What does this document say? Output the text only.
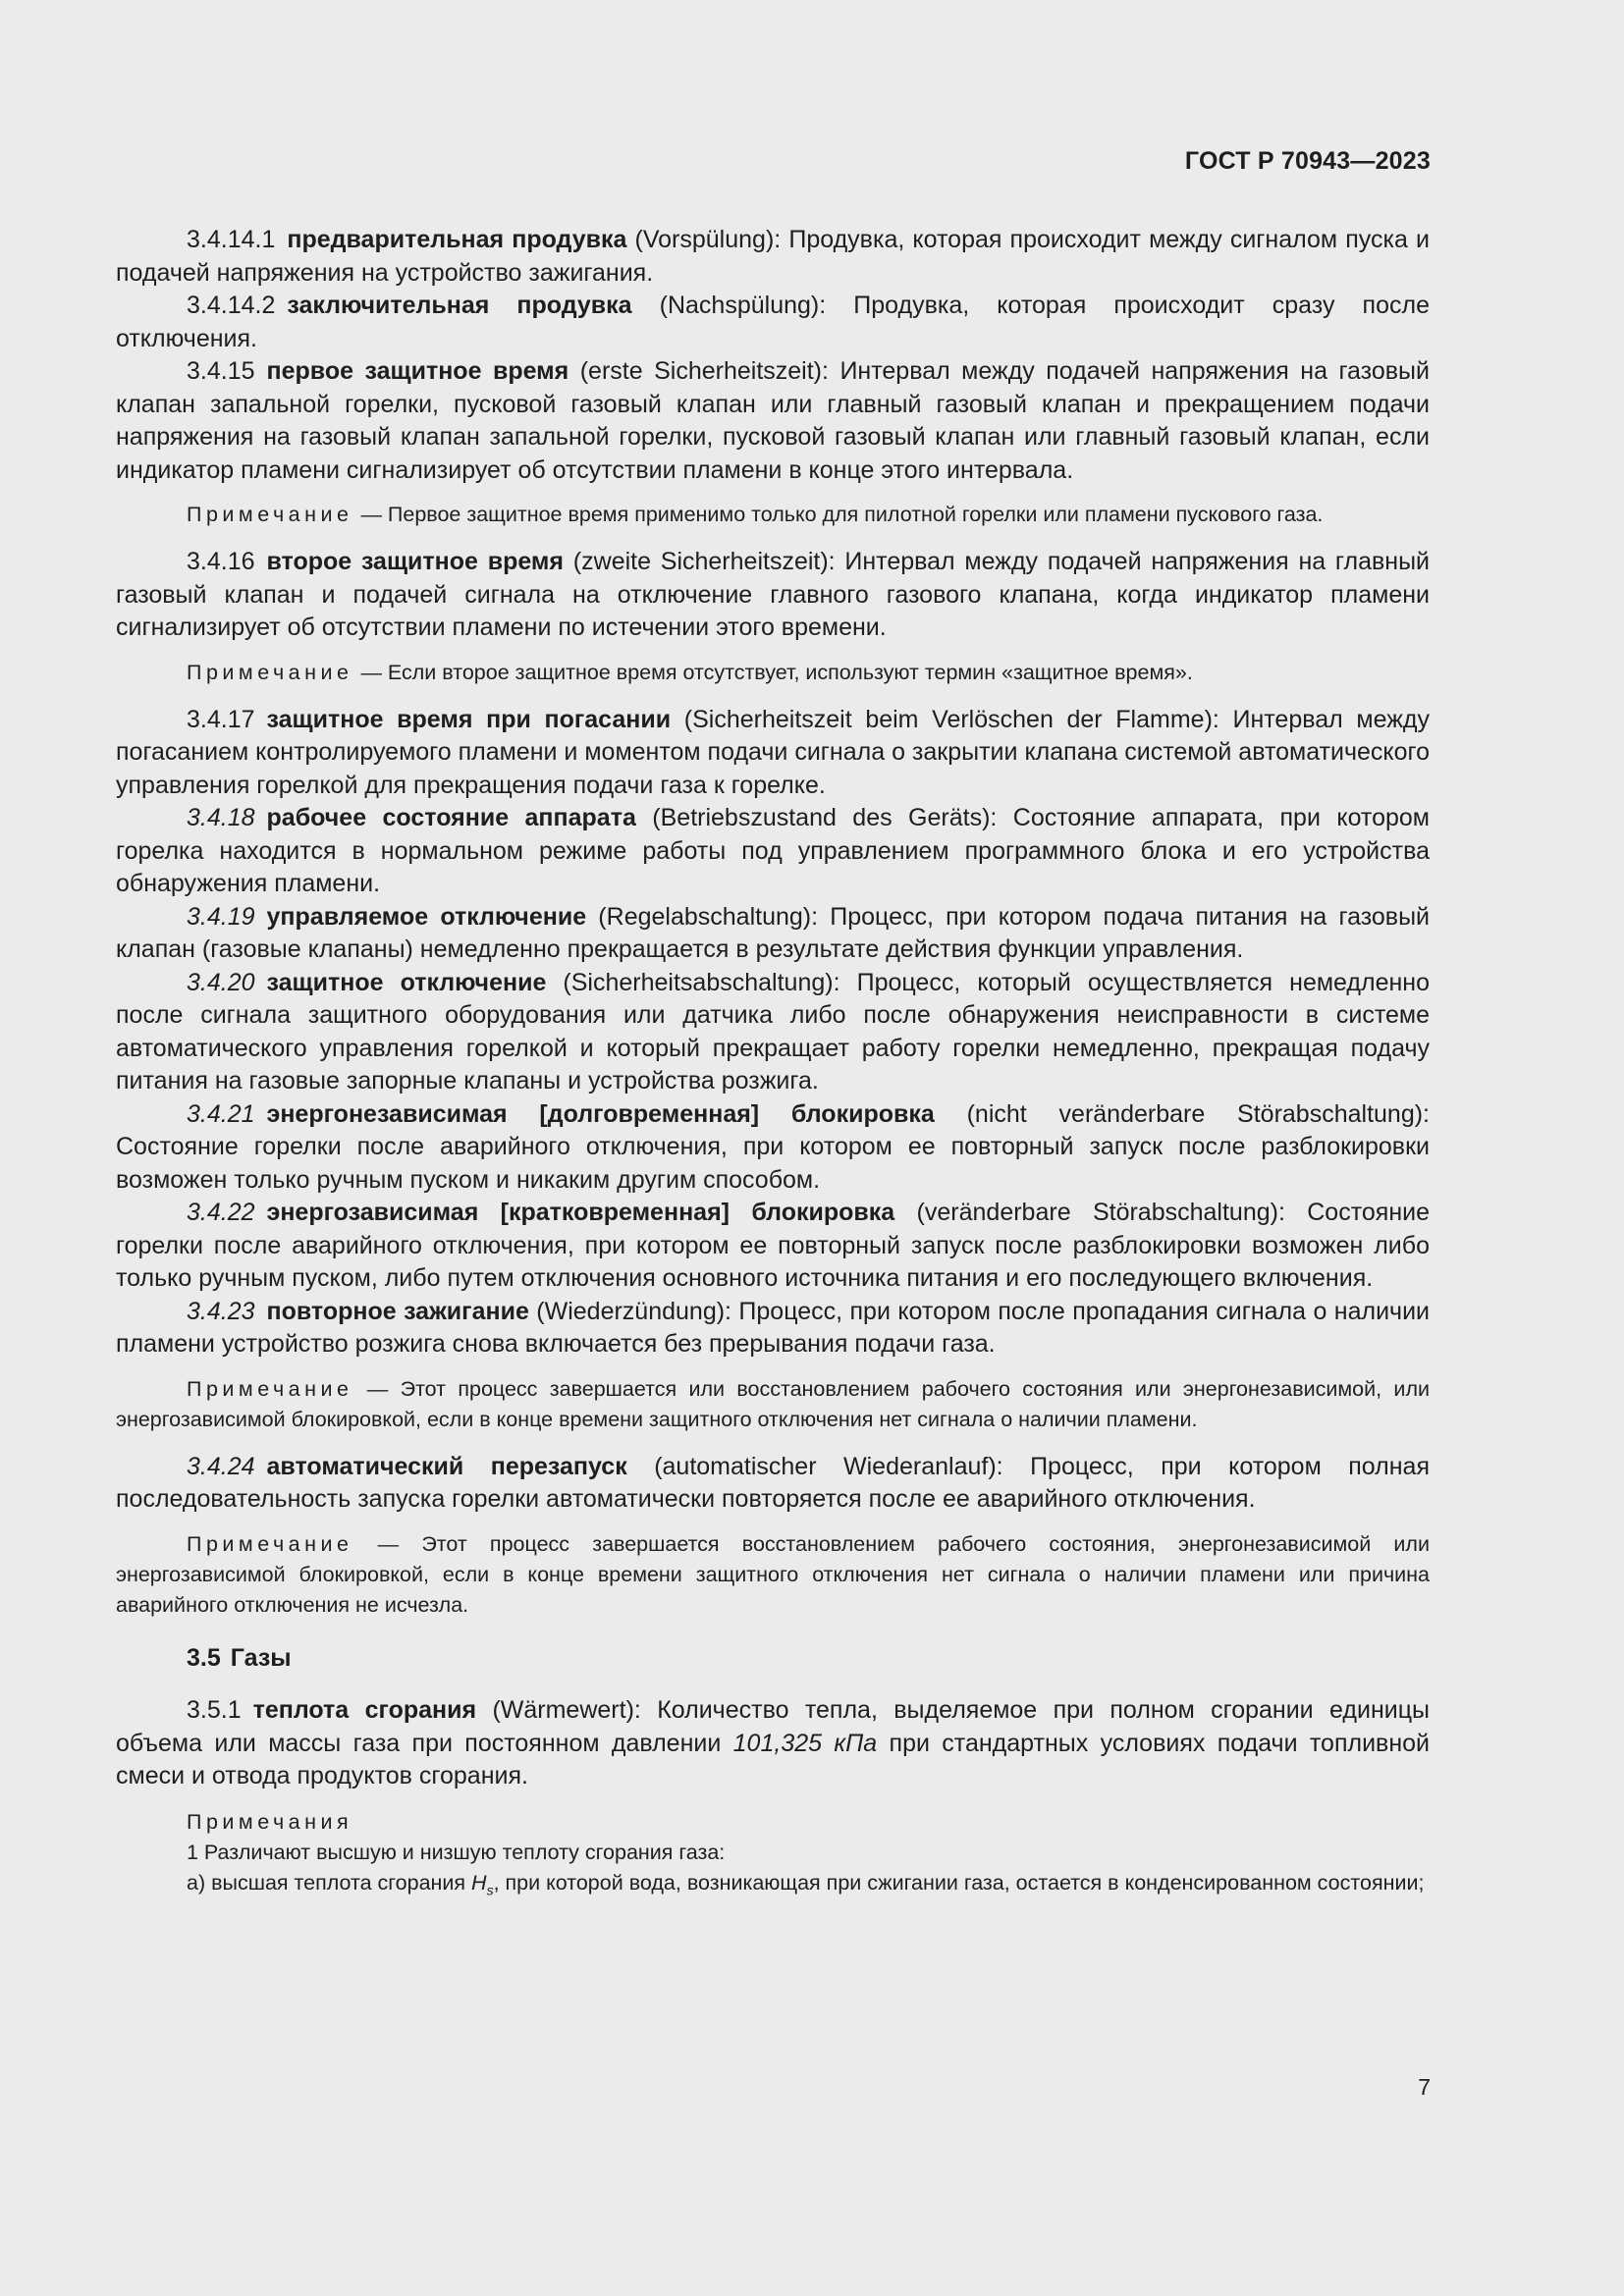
ГОСТ Р 70943—2023

3.4.14.1 предварительная продувка (Vorspülung): Продувка, которая происходит между сигналом пуска и подачей напряжения на устройство зажигания.

3.4.14.2 заключительная продувка (Nachspülung): Продувка, которая происходит сразу после отключения.

3.4.15 первое защитное время (erste Sicherheitszeit): Интервал между подачей напряжения на газовый клапан запальной горелки, пусковой газовый клапан или главный газовый клапан и прекращением подачи напряжения на газовый клапан запальной горелки, пусковой газовый клапан или главный газовый клапан, если индикатор пламени сигнализирует об отсутствии пламени в конце этого интервала.

Примечание — Первое защитное время применимо только для пилотной горелки или пламени пускового газа.

3.4.16 второе защитное время (zweite Sicherheitszeit): Интервал между подачей напряжения на главный газовый клапан и подачей сигнала на отключение главного газового клапана, когда индикатор пламени сигнализирует об отсутствии пламени по истечении этого времени.

Примечание — Если второе защитное время отсутствует, используют термин «защитное время».

3.4.17 защитное время при погасании (Sicherheitszeit beim Verlöschen der Flamme): Интервал между погасанием контролируемого пламени и моментом подачи сигнала о закрытии клапана системой автоматического управления горелкой для прекращения подачи газа к горелке.

3.4.18 рабочее состояние аппарата (Betriebszustand des Geräts): Состояние аппарата, при котором горелка находится в нормальном режиме работы под управлением программного блока и его устройства обнаружения пламени.

3.4.19 управляемое отключение (Regelabschaltung): Процесс, при котором подача питания на газовый клапан (газовые клапаны) немедленно прекращается в результате действия функции управления.

3.4.20 защитное отключение (Sicherheitsabschaltung): Процесс, который осуществляется немедленно после сигнала защитного оборудования или датчика либо после обнаружения неисправности в системе автоматического управления горелкой и который прекращает работу горелки немедленно, прекращая подачу питания на газовые запорные клапаны и устройства розжига.

3.4.21 энергонезависимая [долговременная] блокировка (nicht veränderbare Störabschaltung): Состояние горелки после аварийного отключения, при котором ее повторный запуск после разблокировки возможен только ручным пуском и никаким другим способом.

3.4.22 энергозависимая [кратковременная] блокировка (veränderbare Störabschaltung): Состояние горелки после аварийного отключения, при котором ее повторный запуск после разблокировки возможен либо только ручным пуском, либо путем отключения основного источника питания и его последующего включения.

3.4.23 повторное зажигание (Wiederzündung): Процесс, при котором после пропадания сигнала о наличии пламени устройство розжига снова включается без прерывания подачи газа.

Примечание — Этот процесс завершается или восстановлением рабочего состояния или энергонезависимой, или энергозависимой блокировкой, если в конце времени защитного отключения нет сигнала о наличии пламени.

3.4.24 автоматический перезапуск (automatischer Wiederanlauf): Процесс, при котором полная последовательность запуска горелки автоматически повторяется после ее аварийного отключения.

Примечание — Этот процесс завершается восстановлением рабочего состояния, энергонезависимой или энергозависимой блокировкой, если в конце времени защитного отключения нет сигнала о наличии пламени или причина аварийного отключения не исчезла.

3.5 Газы

3.5.1 теплота сгорания (Wärmewert): Количество тепла, выделяемое при полном сгорании единицы объема или массы газа при постоянном давлении 101,325 кПа при стандартных условиях подачи топливной смеси и отвода продуктов сгорания.

Примечания

1 Различают высшую и низшую теплоту сгорания газа:

а) высшая теплота сгорания $H_s$, при которой вода, возникающая при сжигании газа, остается в конденсированном состоянии;

7
